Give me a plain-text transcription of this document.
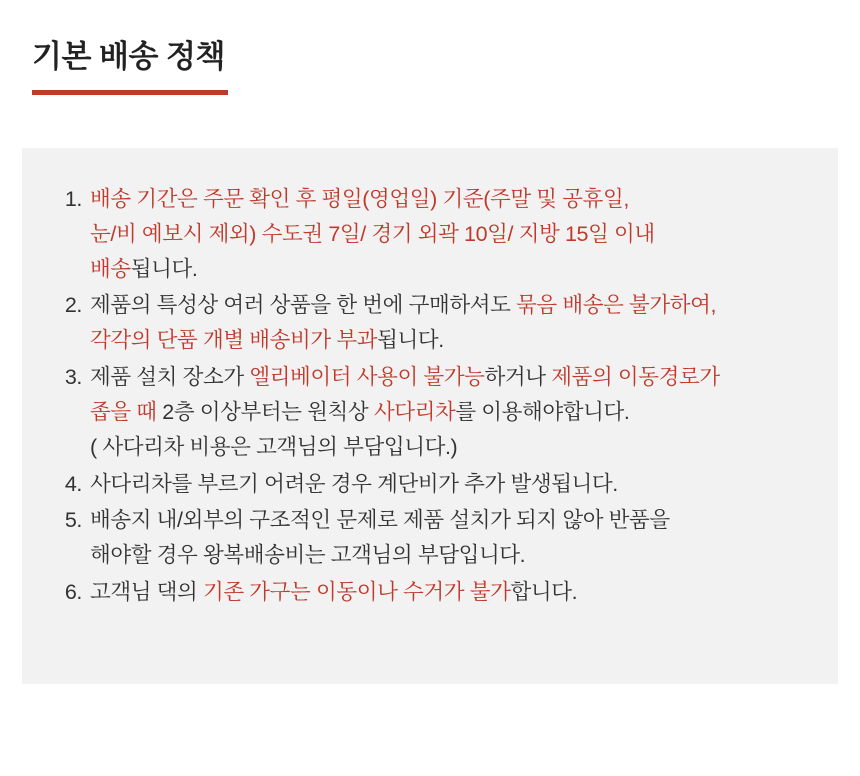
기본 배송 정책
배송 기간은 주문 확인 후 평일(영업일) 기준(주말 및 공휴일,
눈/비 예보시 제외) 수도권 7일/ 경기 외곽 10일/ 지방 15일 이내
배송됩니다.
제품의 특성상 여러 상품을 한 번에 구매하셔도 묶음 배송은 불가하여,
각각의 단품 개별 배송비가 부과됩니다.
제품 설치 장소가 엘리베이터 사용이 불가능하거나 제품의 이동경로가
좁을 때 2층 이상부터는 원칙상 사다리차를 이용해야합니다.
( 사다리차 비용은 고객님의 부담입니다.)
사다리차를 부르기 어려운 경우 계단비가 추가 발생됩니다.
배송지 내/외부의 구조적인 문제로 제품 설치가 되지 않아 반품을
해야할 경우 왕복배송비는 고객님의 부담입니다.
고객님 댁의 기존 가구는 이동이나 수거가 불가합니다.
